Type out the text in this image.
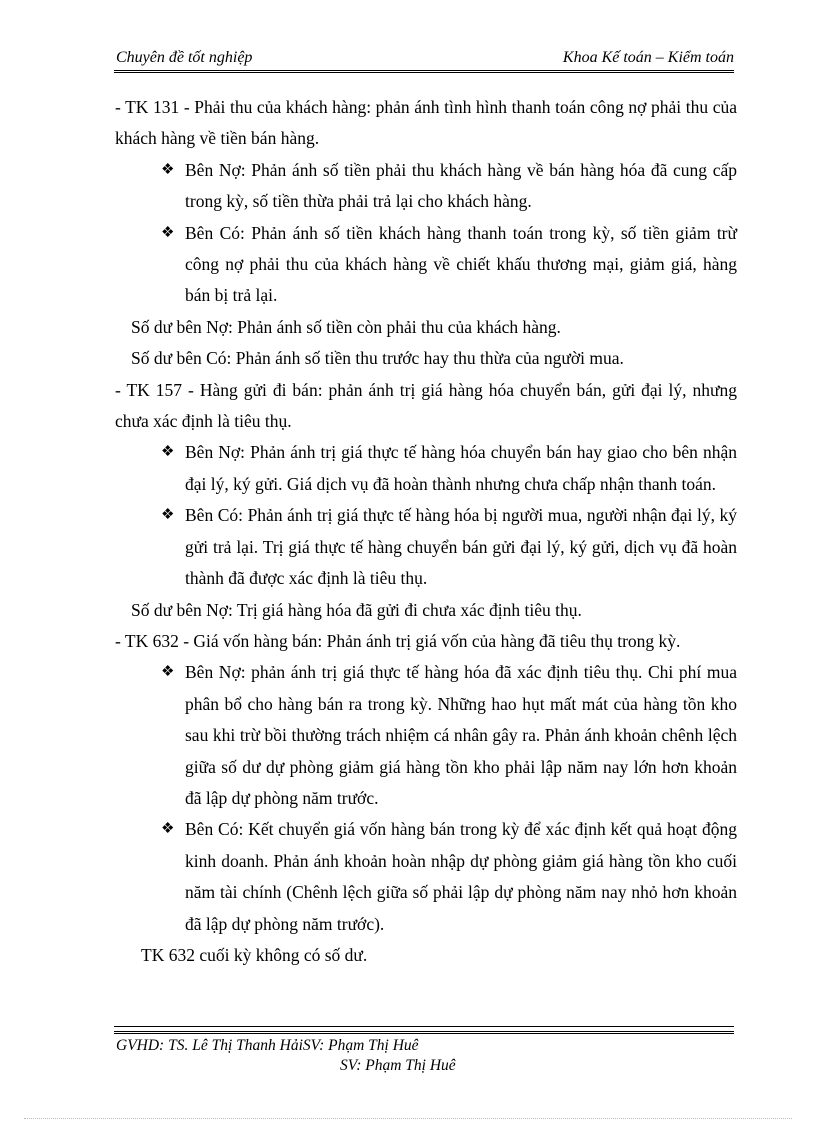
Chuyên đề tốt nghiệp	Khoa Kế toán – Kiểm toán

- TK 131 - Phải thu của khách hàng: phản ánh tình hình thanh toán công nợ phải thu của khách hàng về tiền bán hàng.

❖ Bên Nợ: Phản ánh số tiền phải thu khách hàng về bán hàng hóa đã cung cấp trong kỳ, số tiền thừa phải trả lại cho khách hàng.

❖ Bên Có: Phản ánh số tiền khách hàng thanh toán trong kỳ, số tiền giảm trừ công nợ phải thu của khách hàng về chiết khấu thương mại, giảm giá, hàng bán bị trả lại.

Số dư bên Nợ: Phản ánh số tiền còn phải thu của khách hàng.

Số dư bên Có: Phản ánh số tiền thu trước hay thu thừa của người mua.

- TK 157 - Hàng gửi đi bán: phản ánh trị giá hàng hóa chuyển bán, gửi đại lý, nhưng chưa xác định là tiêu thụ.

❖ Bên Nợ: Phản ánh trị giá thực tế hàng hóa chuyển bán hay giao cho bên nhận đại lý, ký gửi. Giá dịch vụ đã hoàn thành nhưng chưa chấp nhận thanh toán.

❖ Bên Có: Phản ánh trị giá thực tế hàng hóa bị người mua, người nhận đại lý, ký gửi trả lại. Trị giá thực tế hàng chuyển bán gửi đại lý, ký gửi, dịch vụ đã hoàn thành đã được xác định là tiêu thụ.

Số dư bên Nợ: Trị giá hàng hóa đã gửi đi chưa xác định tiêu thụ.

- TK 632 - Giá vốn hàng bán: Phản ánh trị giá vốn của hàng đã tiêu thụ trong kỳ.

❖ Bên Nợ: phản ánh trị giá thực tế hàng hóa đã xác định tiêu thụ. Chi phí mua phân bổ cho hàng bán ra trong kỳ. Những hao hụt mất mát của hàng tồn kho sau khi trừ bồi thường trách nhiệm cá nhân gây ra. Phản ánh khoản chênh lệch giữa số dư dự phòng giảm giá hàng tồn kho phải lập năm nay lớn hơn khoản đã lập dự phòng năm trước.

❖ Bên Có: Kết chuyển giá vốn hàng bán trong kỳ để xác định kết quả hoạt động kinh doanh. Phản ánh khoản hoàn nhập dự phòng giảm giá hàng tồn kho cuối năm tài chính (Chênh lệch giữa số phải lập dự phòng năm nay nhỏ hơn khoản đã lập dự phòng năm trước).

TK 632 cuối kỳ không có số dư.

GVHD: TS. Lê Thị Thanh HảiSV: Phạm Thị Huê
SV: Phạm Thị Huê
